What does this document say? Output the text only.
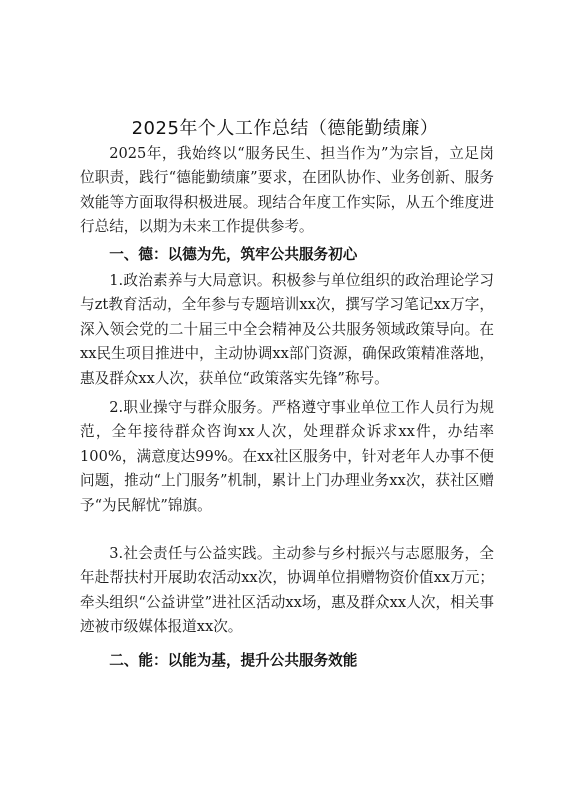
2025年个人工作总结（德能勤绩廉）

2025年，我始终以“服务民生、担当作为”为宗旨，立足岗位职责，践行“德能勤绩廉”要求，在团队协作、业务创新、服务效能等方面取得积极进展。现结合年度工作实际，从五个维度进行总结，以期为未来工作提供参考。

一、德：以德为先，筑牢公共服务初心

1.政治素养与大局意识。积极参与单位组织的政治理论学习与zt教育活动，全年参与专题培训xx次，撰写学习笔记xx万字，深入领会党的二十届三中全会精神及公共服务领域政策导向。在xx民生项目推进中，主动协调xx部门资源，确保政策精准落地，惠及群众xx人次，获单位“政策落实先锋”称号。

2.职业操守与群众服务。严格遵守事业单位工作人员行为规范，全年接待群众咨询xx人次，处理群众诉求xx件，办结率100%，满意度达99%。在xx社区服务中，针对老年人办事不便问题，推动“上门服务”机制，累计上门办理业务xx次，获社区赠予“为民解忧”锦旗。

3.社会责任与公益实践。主动参与乡村振兴与志愿服务，全年赴帮扶村开展助农活动xx次，协调单位捐赠物资价值xx万元；牵头组织“公益讲堂”进社区活动xx场，惠及群众xx人次，相关事迹被市级媒体报道xx次。

二、能：以能为基，提升公共服务效能
